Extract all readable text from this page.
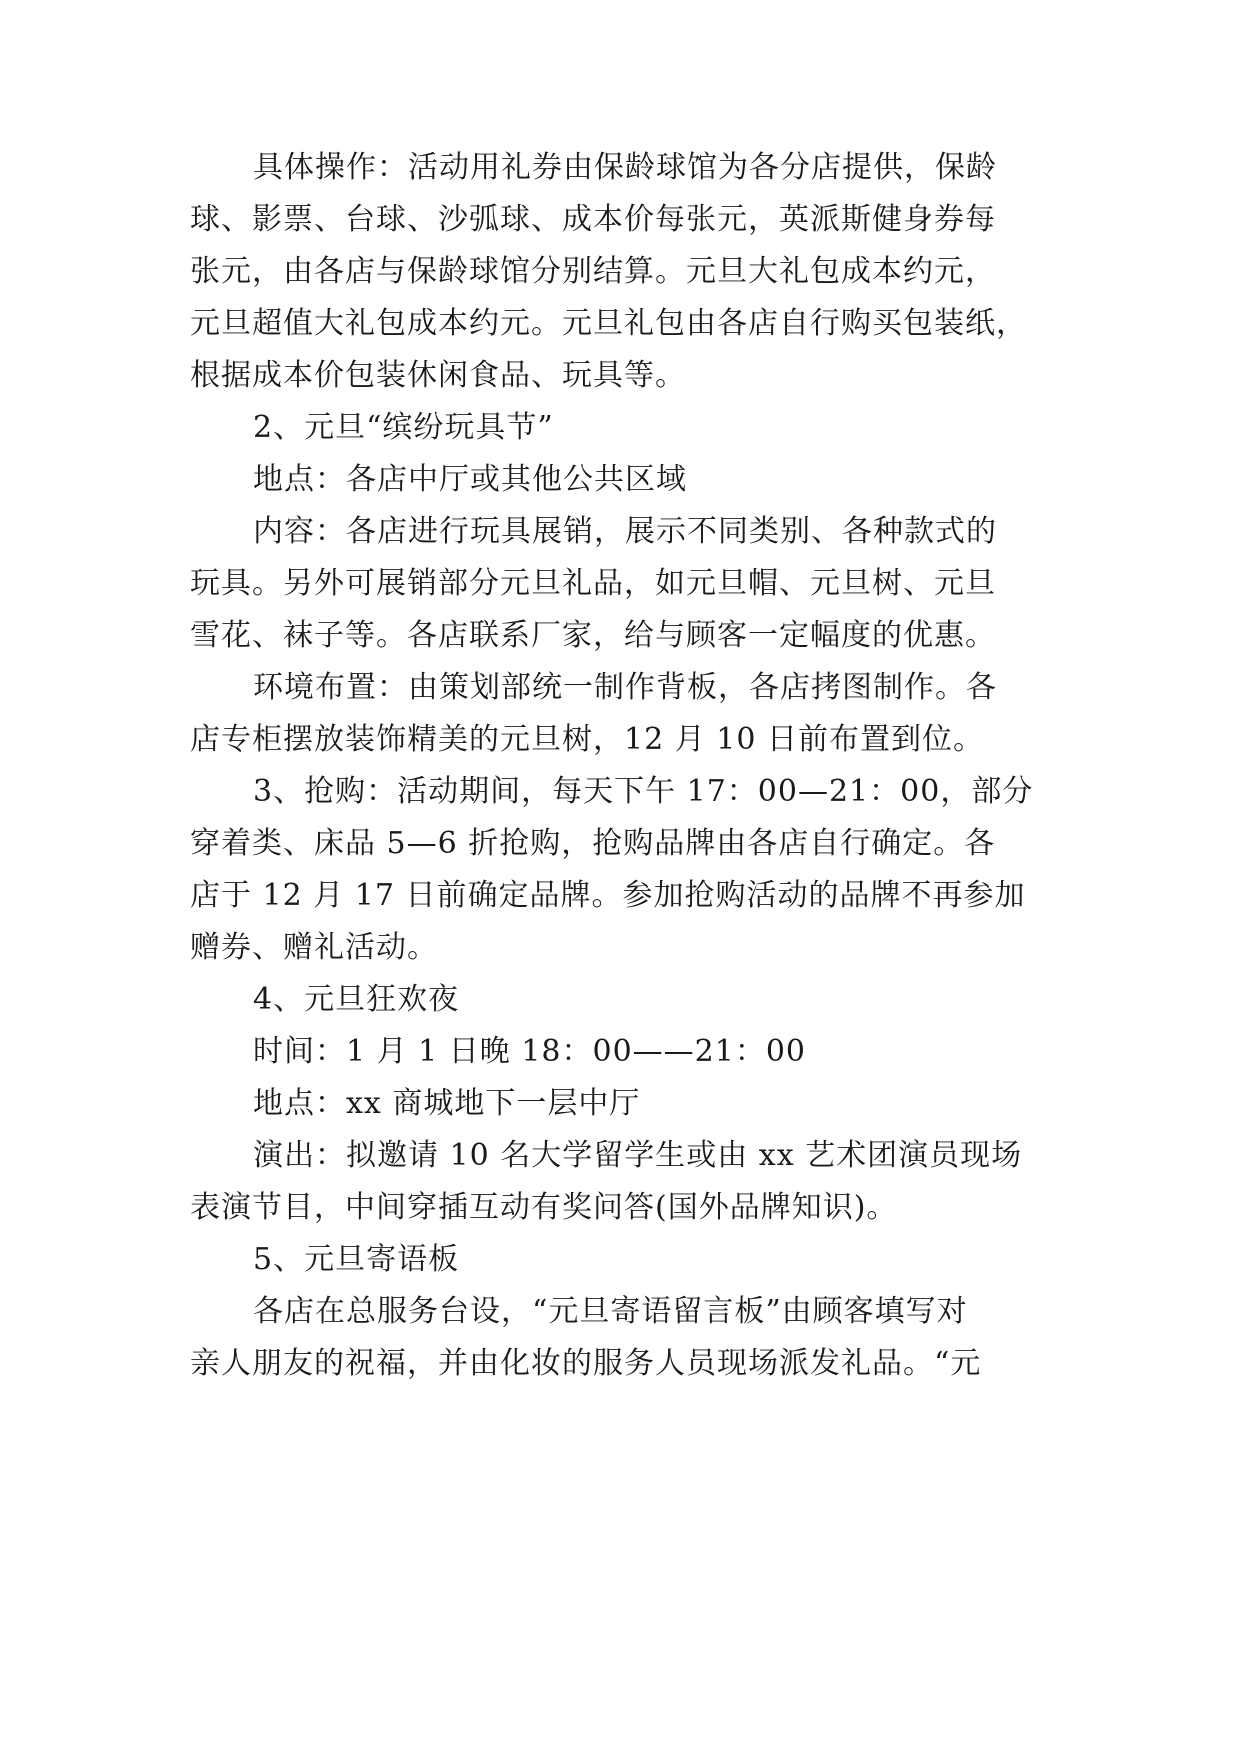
具体操作：活动用礼券由保龄球馆为各分店提供，保龄
球、影票、台球、沙弧球、成本价每张元，英派斯健身券每
张元，由各店与保龄球馆分别结算。元旦大礼包成本约元，
元旦超值大礼包成本约元。元旦礼包由各店自行购买包装纸，
根据成本价包装休闲食品、玩具等。
2、元旦“缤纷玩具节”
地点：各店中厅或其他公共区域
内容：各店进行玩具展销，展示不同类别、各种款式的
玩具。另外可展销部分元旦礼品，如元旦帽、元旦树、元旦
雪花、袜子等。各店联系厂家，给与顾客一定幅度的优惠。
环境布置：由策划部统一制作背板，各店拷图制作。各
店专柜摆放装饰精美的元旦树，12 月 10 日前布置到位。
3、抢购：活动期间，每天下午 17：00—21：00，部分
穿着类、床品 5—6 折抢购，抢购品牌由各店自行确定。各
店于 12 月 17 日前确定品牌。参加抢购活动的品牌不再参加
赠券、赠礼活动。
4、元旦狂欢夜
时间：1 月 1 日晚 18：00——21：00
地点：xx 商城地下一层中厅
演出：拟邀请 10 名大学留学生或由 xx 艺术团演员现场
表演节目，中间穿插互动有奖问答(国外品牌知识)。
5、元旦寄语板
各店在总服务台设，“元旦寄语留言板”由顾客填写对
亲人朋友的祝福，并由化妆的服务人员现场派发礼品。“元
